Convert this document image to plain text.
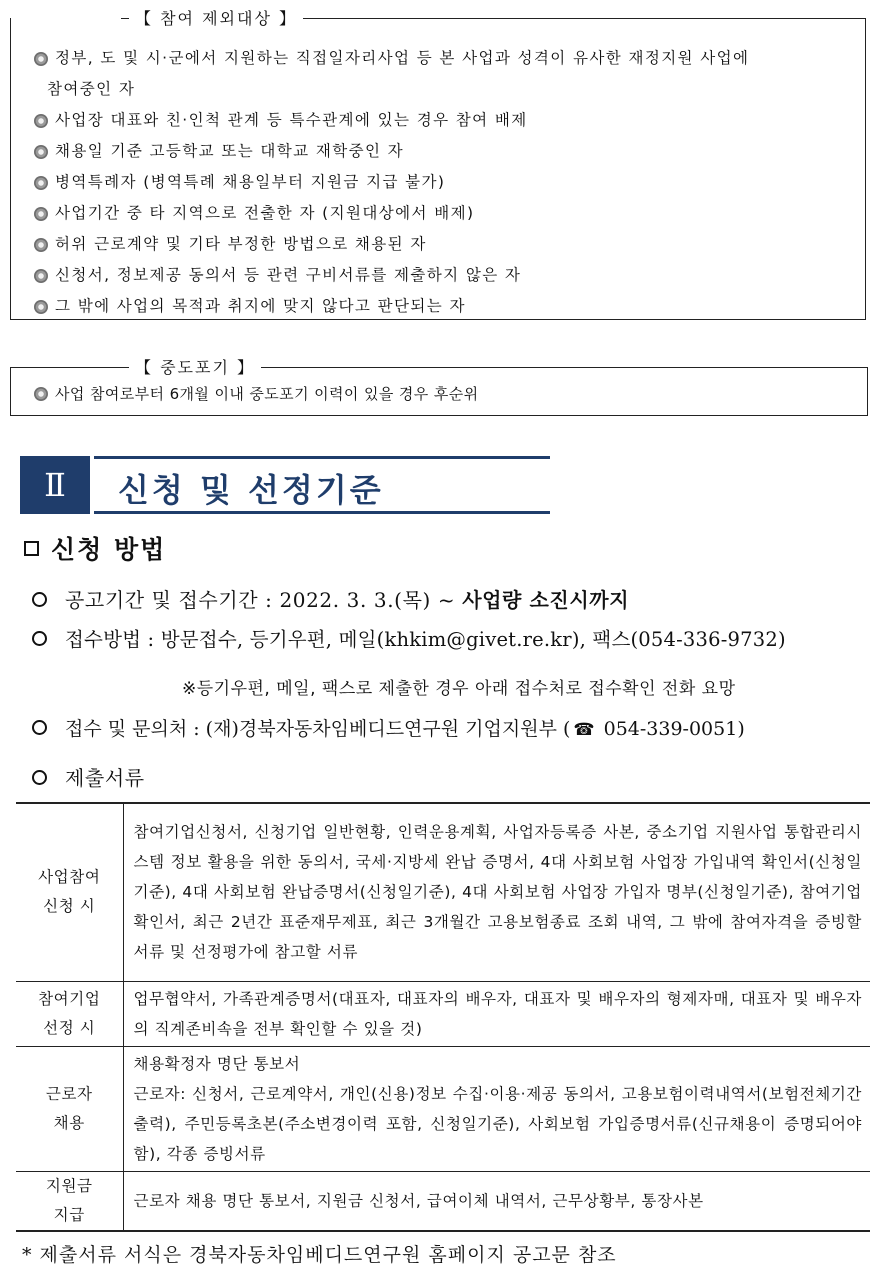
【 참여 제외대상 】
정부, 도 및 시·군에서 지원하는 직접일자리사업 등 본 사업과 성격이 유사한 재정지원 사업에
참여중인 자
사업장 대표와 친·인척 관계 등 특수관계에 있는 경우 참여 배제
채용일 기준 고등학교 또는 대학교 재학중인 자
병역특례자 (병역특례 채용일부터 지원금 지급 불가)
사업기간 중 타 지역으로 전출한 자 (지원대상에서 배제)
허위 근로계약 및 기타 부정한 방법으로 채용된 자
신청서, 정보제공 동의서 등 관련 구비서류를 제출하지 않은 자
그 밖에 사업의 목적과 취지에 맞지 않다고 판단되는 자
【 중도포기 】
사업 참여로부터 6개월 이내 중도포기 이력이 있을 경우 후순위
Ⅱ	신청 및 선정기준
신청 방법
공고기간 및 접수기간 : 2022. 3. 3.(목) ~ 사업량 소진시까지
접수방법 : 방문접수, 등기우편, 메일(khkim@givet.re.kr), 팩스(054-336-9732)
※등기우편, 메일, 팩스로 제출한 경우 아래 접수처로 접수확인 전화 요망
접수 및 문의처 : (재)경북자동차임베디드연구원 기업지원부 ( ☎ 054-339-0051)
제출서류
사업참여
신청 시	참여기업신청서, 신청기업 일반현황, 인력운용계획, 사업자등록증 사본, 중소기업 지원사업 통합관리시스템 정보 활용을 위한 동의서, 국세·지방세 완납 증명서, 4대 사회보험 사업장 가입내역 확인서(신청일기준), 4대 사회보험 완납증명서(신청일기준), 4대 사회보험 사업장 가입자 명부(신청일기준), 참여기업 확인서, 최근 2년간 표준재무제표, 최근 3개월간 고용보험종료 조회 내역, 그 밖에 참여자격을 증빙할 서류 및 선정평가에 참고할 서류
참여기업
선정 시	업무협약서, 가족관계증명서(대표자, 대표자의 배우자, 대표자 및 배우자의 형제자매, 대표자 및 배우자의 직계존비속을 전부 확인할 수 있을 것)
근로자
채용	채용확정자 명단 통보서
근로자: 신청서, 근로계약서, 개인(신용)정보 수집·이용·제공 동의서, 고용보험이력내역서(보험전체기간 출력), 주민등록초본(주소변경이력 포함, 신청일기준), 사회보험 가입증명서류(신규채용이 증명되어야 함), 각종 증빙서류
지원금
지급	근로자 채용 명단 통보서, 지원금 신청서, 급여이체 내역서, 근무상황부, 통장사본
* 제출서류 서식은 경북자동차임베디드연구원 홈페이지 공고문 참조
